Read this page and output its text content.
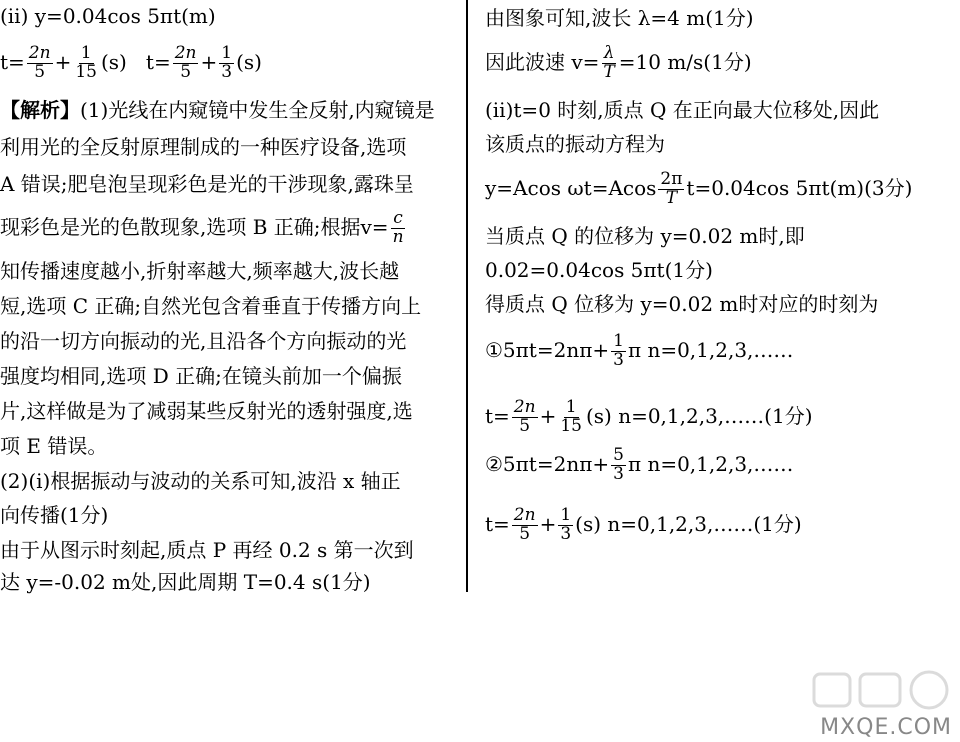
(ⅱ) y=0.04cos 5πt(m)
$t= \frac{2n}{5} + \frac{1}{15} (s)$ $t= \frac{2n}{5} + \frac{1}{3} (s)$
【解析】(1)光线在内窥镜中发生全反射,内窥镜是
利用光的全反射原理制成的一种医疗设备,选项
A 错误;肥皂泡呈现彩色是光的干涉现象,露珠呈
现彩色是光的色散现象,选项 B 正确;根据$v= \frac{c}{n}$
知传播速度越小,折射率越大,频率越大,波长越
短,选项 C 正确;自然光包含着垂直于传播方向上
的沿一切方向振动的光,且沿各个方向振动的光
强度均相同,选项 D 正确;在镜头前加一个偏振
片,这样做是为了减弱某些反射光的透射强度,选
项 E 错误。
(2)(ⅰ)根据振动与波动的关系可知,波沿 x 轴正
向传播(1分)
由于从图示时刻起,质点 P 再经 0.2 s 第一次到
达 y=-0.02 m处,因此周期 T=0.4 s(1分)
由图象可知,波长 λ=4 m(1分)
因此波速 $v= \frac{\lambda}{T} =10$ m/s(1分)
(ⅱ)t=0 时刻,质点 Q 在正向最大位移处,因此
该质点的振动方程为
y=Acos $\omega t=Acos \frac{2\pi}{T} t=0.04\cos$ 5πt(m)(3分)
当质点 Q 的位移为 y=0.02 m时,即
0.02=0.04cos 5πt(1分)
得质点 Q 位移为 y=0.02 m时对应的时刻为
①5πt=2nπ+ $\frac{1}{3}$ π n=0,1,2,3,……
$t= \frac{2n}{5} + \frac{1}{15} (s)$ n=0,1,2,3,……(1分)
②5πt=2nπ+ $\frac{5}{3}$ π n=0,1,2,3,……
$t= \frac{2n}{5} + \frac{1}{3} (s)$ n=0,1,2,3,……(1分)
MXQE.COM
